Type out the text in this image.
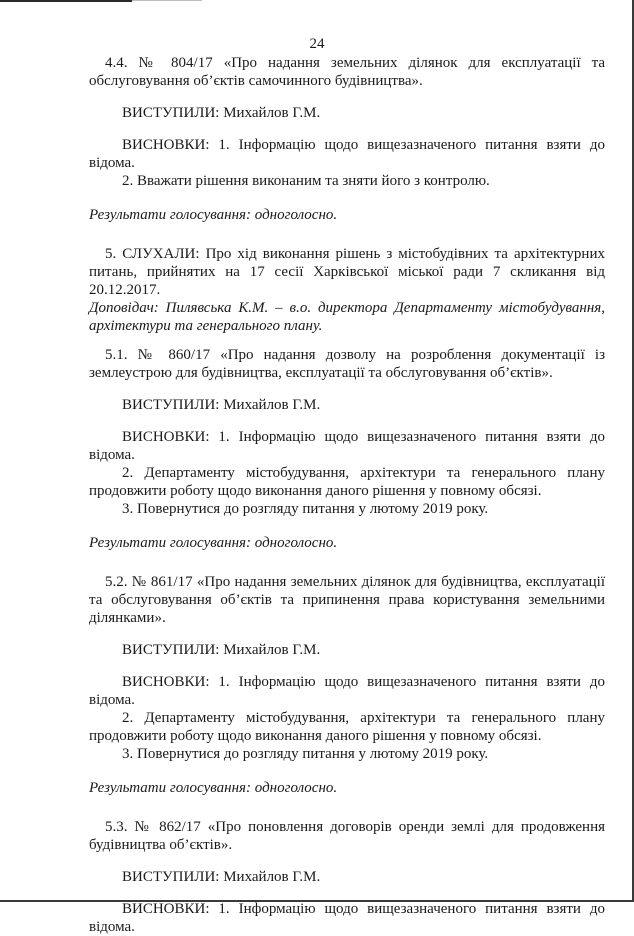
24

4.4. № 804/17 «Про надання земельних ділянок для експлуатації та обслуговування об’єктів самочинного будівництва».

ВИСТУПИЛИ: Михайлов Г.М.

ВИСНОВКИ: 1. Інформацію щодо вищезазначеного питання взяти до відома.

2. Вважати рішення виконаним та зняти його з контролю.

Результати голосування: одноголосно.

5. СЛУХАЛИ: Про хід виконання рішень з містобудівних та архітектурних питань, прийнятих на 17 сесії Харківської міської ради 7 скликання від 20.12.2017.

Доповідач: Пилявська К.М. – в.о. директора Департаменту містобудування, архітектури та генерального плану.

5.1. № 860/17 «Про надання дозволу на розроблення документації із землеустрою для будівництва, експлуатації та обслуговування об’єктів».

ВИСТУПИЛИ: Михайлов Г.М.

ВИСНОВКИ: 1. Інформацію щодо вищезазначеного питання взяти до відома.

2. Департаменту містобудування, архітектури та генерального плану продовжити роботу щодо виконання даного рішення у повному обсязі.

3. Повернутися до розгляду питання у лютому 2019 року.

Результати голосування: одноголосно.

5.2. № 861/17 «Про надання земельних ділянок для будівництва, експлуатації та обслуговування об’єктів та припинення права користування земельними ділянками».

ВИСТУПИЛИ: Михайлов Г.М.

ВИСНОВКИ: 1. Інформацію щодо вищезазначеного питання взяти до відома.

2. Департаменту містобудування, архітектури та генерального плану продовжити роботу щодо виконання даного рішення у повному обсязі.

3. Повернутися до розгляду питання у лютому 2019 року.

Результати голосування: одноголосно.

5.3. № 862/17 «Про поновлення договорів оренди землі для продовження будівництва об’єктів».

ВИСТУПИЛИ: Михайлов Г.М.

ВИСНОВКИ: 1. Інформацію щодо вищезазначеного питання взяти до відома.
